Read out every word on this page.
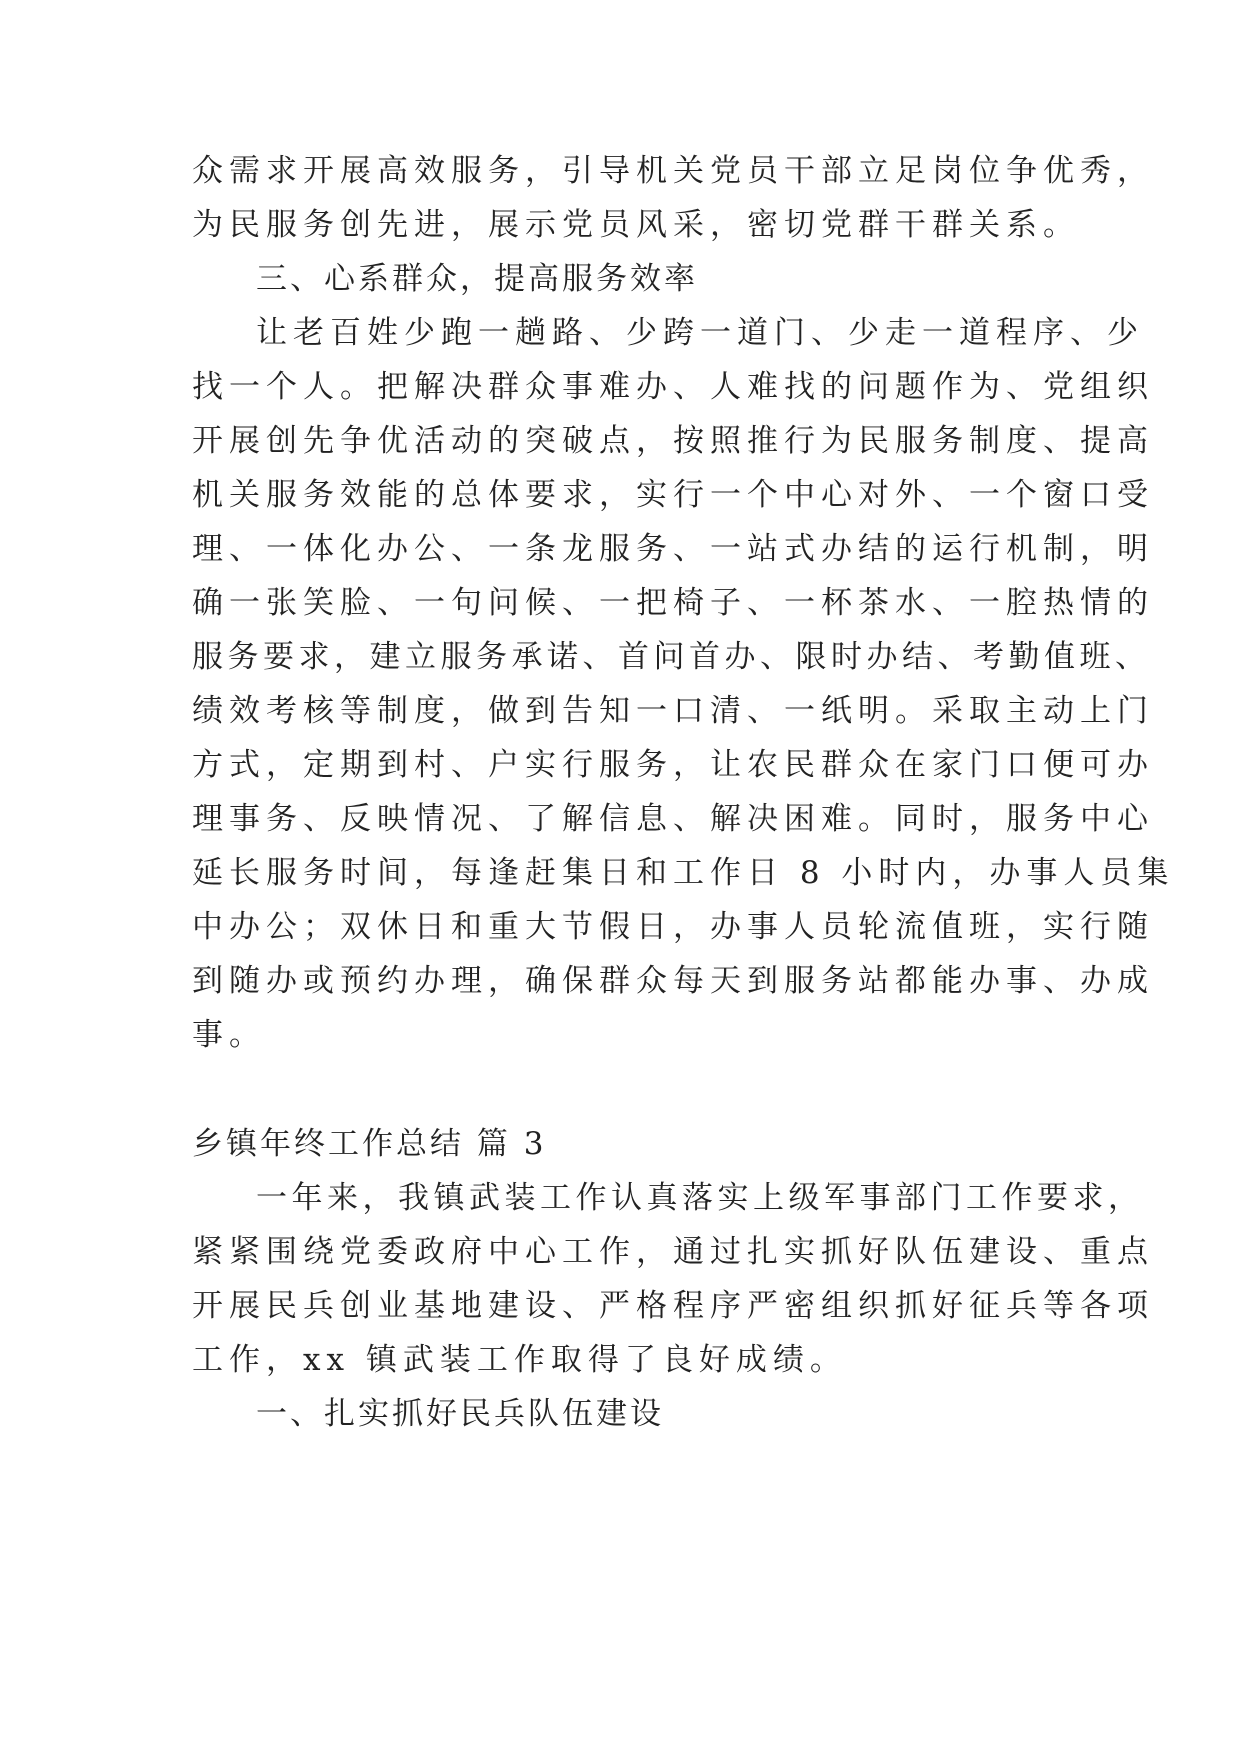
众需求开展高效服务，引导机关党员干部立足岗位争优秀，
为民服务创先进，展示党员风采，密切党群干群关系。
三、心系群众，提高服务效率
让老百姓少跑一趟路、少跨一道门、少走一道程序、少
找一个人。把解决群众事难办、人难找的问题作为、党组织
开展创先争优活动的突破点，按照推行为民服务制度、提高
机关服务效能的总体要求，实行一个中心对外、一个窗口受
理、一体化办公、一条龙服务、一站式办结的运行机制，明
确一张笑脸、一句问候、一把椅子、一杯茶水、一腔热情的
服务要求，建立服务承诺、首问首办、限时办结、考勤值班、
绩效考核等制度，做到告知一口清、一纸明。采取主动上门
方式，定期到村、户实行服务，让农民群众在家门口便可办
理事务、反映情况、了解信息、解决困难。同时，服务中心
延长服务时间，每逢赶集日和工作日 8 小时内，办事人员集
中办公；双休日和重大节假日，办事人员轮流值班，实行随
到随办或预约办理，确保群众每天到服务站都能办事、办成
事。
乡镇年终工作总结 篇 3
一年来，我镇武装工作认真落实上级军事部门工作要求，
紧紧围绕党委政府中心工作，通过扎实抓好队伍建设、重点
开展民兵创业基地建设、严格程序严密组织抓好征兵等各项
工作，xx 镇武装工作取得了良好成绩。
一、扎实抓好民兵队伍建设
